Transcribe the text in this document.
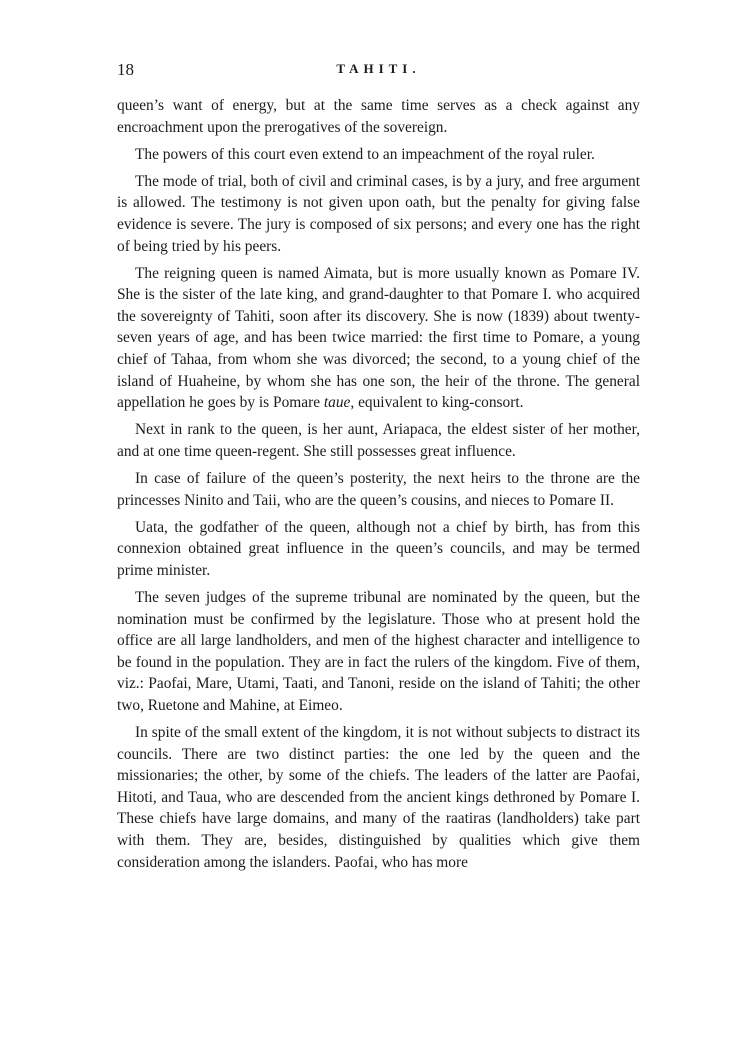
18	TAHITI.

queen’s want of energy, but at the same time serves as a check against any encroachment upon the prerogatives of the sovereign.

The powers of this court even extend to an impeachment of the royal ruler.

The mode of trial, both of civil and criminal cases, is by a jury, and free argument is allowed. The testimony is not given upon oath, but the penalty for giving false evidence is severe. The jury is composed of six persons; and every one has the right of being tried by his peers.

The reigning queen is named Aimata, but is more usually known as Pomare IV. She is the sister of the late king, and grand-daughter to that Pomare I. who acquired the sovereignty of Tahiti, soon after its discovery. She is now (1839) about twenty-seven years of age, and has been twice married: the first time to Pomare, a young chief of Tahaa, from whom she was divorced; the second, to a young chief of the island of Huaheine, by whom she has one son, the heir of the throne. The general appellation he goes by is Pomare taue, equivalent to king-consort.

Next in rank to the queen, is her aunt, Ariapaca, the eldest sister of her mother, and at one time queen-regent. She still possesses great influence.

In case of failure of the queen’s posterity, the next heirs to the throne are the princesses Ninito and Taii, who are the queen’s cousins, and nieces to Pomare II.

Uata, the godfather of the queen, although not a chief by birth, has from this connexion obtained great influence in the queen’s councils, and may be termed prime minister.

The seven judges of the supreme tribunal are nominated by the queen, but the nomination must be confirmed by the legislature. Those who at present hold the office are all large landholders, and men of the highest character and intelligence to be found in the population. They are in fact the rulers of the kingdom. Five of them, viz.: Paofai, Mare, Utami, Taati, and Tanoni, reside on the island of Tahiti; the other two, Ruetone and Mahine, at Eimeo.

In spite of the small extent of the kingdom, it is not without subjects to distract its councils. There are two distinct parties: the one led by the queen and the missionaries; the other, by some of the chiefs. The leaders of the latter are Paofai, Hitoti, and Taua, who are descended from the ancient kings dethroned by Pomare I. These chiefs have large domains, and many of the raatiras (landholders) take part with them. They are, besides, distinguished by qualities which give them consideration among the islanders. Paofai, who has more
